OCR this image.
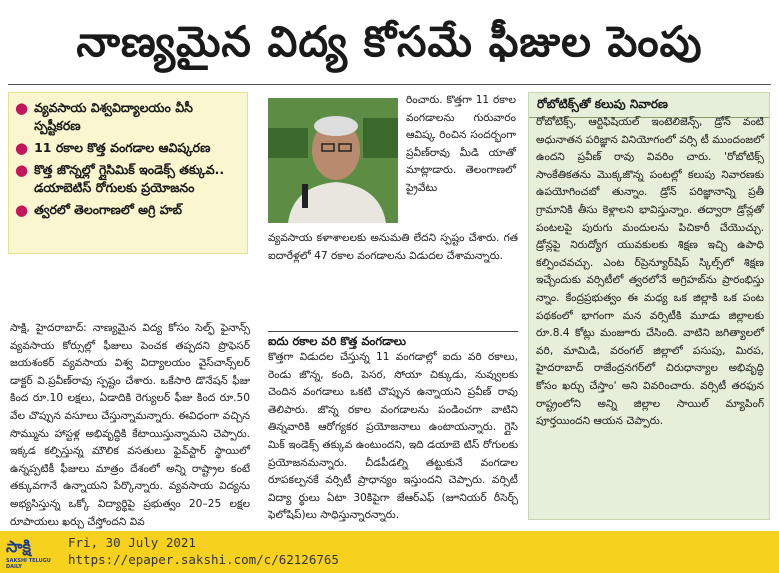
నాణ్యమైన విద్య కోసమే ఫీజుల పెంపు
● వ్యవసాయ విశ్వవిద్యాలయం వీసీ స్పష్టీకరణ
● 11 రకాల కొత్త వంగడాల ఆవిష్కరణ
● కొత్త జొన్నల్లో గ్లైసిమిక్ ఇండెక్స్ తక్కువ.. డయాబెటిస్ రోగులకు ప్రయోజనం
● త్వరలో తెలంగాణలో అగ్రి హబ్

సాక్షి, హైదరాబాద్: నాణ్యమైన విద్య కోసం సెల్ఫ్ ఫైనాన్స్ వ్యవసాయ కోర్సుల్లో ఫీజులు పెంచక తప్పదని ప్రొఫెసర్ జయశంకర్ వ్యవసాయ విశ్వ విద్యాలయం వైస్‌చాన్స్‌లర్ డాక్టర్ వి.ప్రవీణ్‌రావు స్పష్టం చేశారు. ఒకేసారి డొనేషన్ ఫీజు కింద రూ.10 లక్షలు, ఏడాదికి రెగ్యులర్ ఫీజు కింద రూ.50 వేల చొప్పున వసూలు చేస్తున్నామన్నారు. ఈవిధంగా వచ్చిన సొమ్మును హాస్టళ్ల అభివృద్ధికి కేటాయిస్తున్నామని చెప్పారు. ఇక్కడ కల్పిస్తున్న మౌలిక వసతులు ఫైవ్‌స్టార్ స్థాయిలో ఉన్నప్పటికీ ఫీజులు మాత్రం దేశంలో అన్ని రాష్ట్రాల కంటే తక్కువగానే ఉన్నాయని పేర్కొన్నారు. వ్యవసాయ విద్యను అభ్యసిస్తున్న ఒక్కో విద్యార్థిపై ప్రభుత్వం 20–25 లక్షల రూపాయలు ఖర్చు చేస్తోందని వివ

రించారు. కొత్తగా 11 రకాల వంగడాలను గురువారం ఆవిష్క రించిన సందర్భంగా ప్రవీణ్‌రావు మీడి యాతో మాట్లాడారు. తెలంగాణలో ప్రైవేటు

వ్యవసాయ కళాశాలలకు అనుమతి లేదని స్పష్టం చేశారు. గత ఐదారేళ్లలో 47 రకాల వంగడాలను విడుదల చేశామన్నారు.

ఐదు రకాల వరి కొత్త వంగడాలు

కొత్తగా విడుదల చేస్తున్న 11 వంగడాల్లో ఐదు వరి రకాలు, రెండు జొన్న, కంది, పెసర, సోయా చిక్కుడు, నువ్వులకు చెందిన వంగడాలు ఒకటి చొప్పున ఉన్నాయని ప్రవీణ్ రావు తెలిపారు. జొన్న రకాల వంగడాలను పండించగా వాటిని తిన్నవారికి ఆరోగ్యకర ప్రయోజనాలు ఉంటాయన్నారు. గ్లైసి మిక్ ఇండెక్స్ తక్కువ ఉంటుందని, ఇది డయాబె టిస్ రోగులకు ప్రయోజనమన్నారు. చీడపీడల్ని తట్టుకునే వంగడాల రూపకల్పనకే వర్సిటీ ప్రాధాన్యం ఇస్తుందని చెప్పారు. వర్సిటీ విద్యా ర్థులు ఏటా 30కిపైగా జేఆర్‌ఎఫ్ (జూనియర్ రీసెర్చ్ ఫెలోషిప్)లు సాధిస్తున్నారన్నారు.

రోబోటిక్స్‌తో కలుపు నివారణ

రోబోటిక్స్, ఆర్టిఫిషియల్ ఇంటెలిజెన్స్, డ్రోన్ వంటి అధునాతన పరిజ్ఞాన వినియోగంలో వర్సి టీ ముందంజలో ఉందని ప్రవీణ్ రావు వివరిం చారు. 'రోబోటిక్స్ సాంకేతికతను మొక్కజొన్న పంటల్లో కలుపు నివారణకు ఉపయోగించబో తున్నాం. డ్రోన్ పరిజ్ఞానాన్ని ప్రతీ గ్రామానికి తీసు కెళ్లాలని భావిస్తున్నాం. తద్వారా డ్రోన్లతో పంటలపై పురుగు మందులను పిచికారీ చేయొచ్చు. డ్రోన్లపై నిరుద్యోగ యువకులకు శిక్షణ ఇచ్చి ఉపాధి కల్పించవచ్చు. ఎంట ర్‌ప్రెన్యూర్‌షిప్ స్కిల్స్‌లో శిక్షణ ఇచ్చేందుకు వర్సిటీలో త్వరలోనే అగ్రిహబ్‌ను ప్రారంభిస్తు న్నాం. కేంద్రప్రభుత్వం ఈ మధ్య ఒక జిల్లాకి ఒక పంట పథకంలో భాగంగా మన వర్సిటీకి మూడు జిల్లాలకు రూ.8.4 కోట్లు మంజూరు చేసింది. వాటిని జగిత్యాలలో వరి, మామిడి, వరంగల్ జిల్లాలో పసుపు, మిరప, హైదరాబాద్ రాజేంద్రనగర్‌లో చిరుధాన్యాల అభివృద్ధి కోసం ఖర్చు చేస్తాం' అని వివరించారు. వర్సిటీ తరఫున రాష్ట్రంలోని అన్ని జిల్లాల సాయిల్ మ్యాపింగ్ పూర్తయిందని ఆయన చెప్పారు.

సాక్షి
SAKSHI TELUGU DAILY
Fri, 30 July 2021
https://epaper.sakshi.com/c/62126765
